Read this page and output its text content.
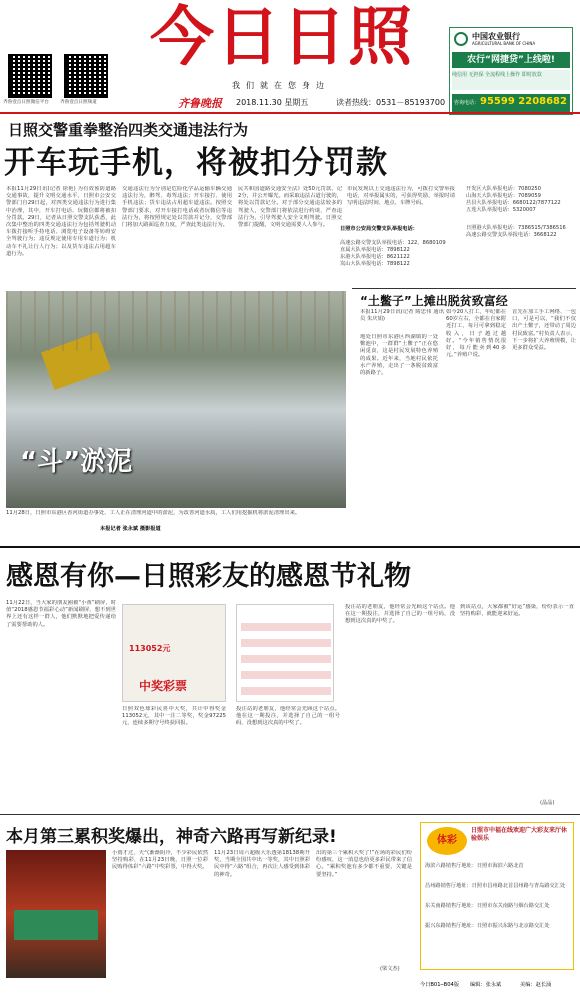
齐鲁壹点日照微信平台	齐鲁壹点日照频道
今日日照
我们就在您身边
齐鲁晚报 2018.11.30 星期五	读者热线：0531－85193700
中国农业银行
AGRICULTURAL BANK OF CHINA
农行“网捷贷”上线啦!
纯信用 无担保 全流程线上操作 即时放款
咨询电话： 95599 2208682
日照交警重拳整治四类交通违法行为
开车玩手机，将被扣分罚款
本报11月29日讯(记者 徐艳) 为有效预防道路交通事故，提升文明交通水平，日照市公安交警部门自29日起，对四类交通违法行为进行集中治理，其中，开车打电话、玩微信都将被扣分罚款。29日，记者从日照交警支队获悉，此次集中整治的四类交通违法行为包括驾驶机动车拨打接听手持电话、浏览电子设备等妨碍安全驾驶行为；违反规定使用专用车道行为；机动车不礼让行人行为；以及货车违法占用超车道行为。
交通违法行为分别是危险化学品运输车辆交通违法行为，醉驾、毒驾违法；开车接打、使用手机违法；货车违法占用超车道违法。按照交警部门要求，对开车接打电话或者玩微信等违法行为，将按照规定处以罚款并记分，交警部门将加大路面巡查力度，严查此类违法行为。
民共和国道路交通安全法》处50元罚款、记2分，并公开曝光。而采取违法占道行驶的，将处以罚款记分。对于部分交通违法较多的驾驶人，交警部门将依法进行约谈，严查违法行为，引导驾驶人安全文明驾驶。日照交警部门提醒，文明交通需要人人参与。
市民发现以上交通违法行为，可拨打交警举报电话，对举报属实的，可获得奖励，举报时请写明违法时间、地点、车牌号码。
日照市公安局交警支队举报电话：
开发区大队举报电话：7080250
山海天大队举报电话：7089059
莒县大队举报电话：6680122/7877122
五莲大队举报电话：5320007
高速公路交警支队举报电话：122、8680109
直属大队举报电话：7898122
东港大队举报电话：8621122
岚山大队举报电话：7898122
日照港大队举报电话：7386515/7386516
高速公路交警支队举报电话：3668122
“斗”淤泥
11月28日，日照市东港区香河街道办事处，工人正在清理河道中的淤泥，为改善河道水质，工人们用挖掘机将淤泥清理出来。
本报记者 张永斌 摄影报道
“土鳖子”上摊出脱贫致富经
本报11月29日讯(记者 隋忠伟 通讯员 朱庆娟)
地处日照市东港区西湖镇的一处鳖池中，一群群“土鳖子”正在悠闲觅食，这是村民发展特色养殖的成果。近年来，当地村民依托水产养殖，走出了一条脱贫致富的新路子。
如今20人打工，年纪都在60岁左右，全都在自家附近打工，每月可拿到稳定收入，日子越过越好。“今年销售情况很好，每斤能卖到40多元。”养殖户说。
首先在加工手工网络、一包口，可是可以，“我们不仅出产土鳖子，还带动了周边村民致富。”村负责人表示，下一步将扩大养殖规模，让更多群众受益。
感恩有你—日照彩友的感恩节礼物
11月22日，当大家的朋友圈被“小黄”刷屏，时值“2018感恩节福彩心动”新闻刷屏，想不到世界上还有这样一群人，他们默默地把爱传递给了需要帮助的人。
113052元
中奖彩票
日照双色球彩民喜中大奖，共计中得奖金113052元，其中一注二等奖，奖金97225元，连续多期守号终获回报。
投注站的老朋友，他经常会光顾这个站点。他在这一期投注，并选择了自己的一组号码，没想到这次真的中奖了。
投注站的老朋友，他经常会光顾这个站点。他在这一期投注，并选择了自己的一组号码，没想到这次真的中奖了。
到该站点，大家都被“好运”感染，纷纷表示一直坚持购彩，就能迎来好运。
(晶晶)
本月第三累积奖爆出，神奇六路再写新纪录!
小雨才过，天气渐渐阴冷，不少彩民依然坚持购彩，在11月23日晚，日照一位彩民购得体彩“六路”中奖彩票，中得大奖。
11月23日周六超级大乐透第18138期开奖，当期全国共中出一等奖，其中日照彩民中得“六路”组合，再次让人感受到体彩的神奇。
出的第三个累积大奖了!”在场的彩民们纷纷感叹，这一消息也给更多彩民带来了信心。“累积奖池有多少都不重要，关键是要坚持。”
(梁文杰)
体彩
日照市中福在线欢迎广大彩友来厅休验娱乐
海滨六路销售厅地址：日照市海滨六路北首
昌州路销售厅地址：日照市昌州路北首昌州路与青岛路交汇处
东关南路销售厅地址：日照市东关南路与烟台路交汇处
振兴东路销售厅地址：日照市振兴东路与北京路交汇处
今日B01─B04版 编辑：张永斌	美编：赵长涌
